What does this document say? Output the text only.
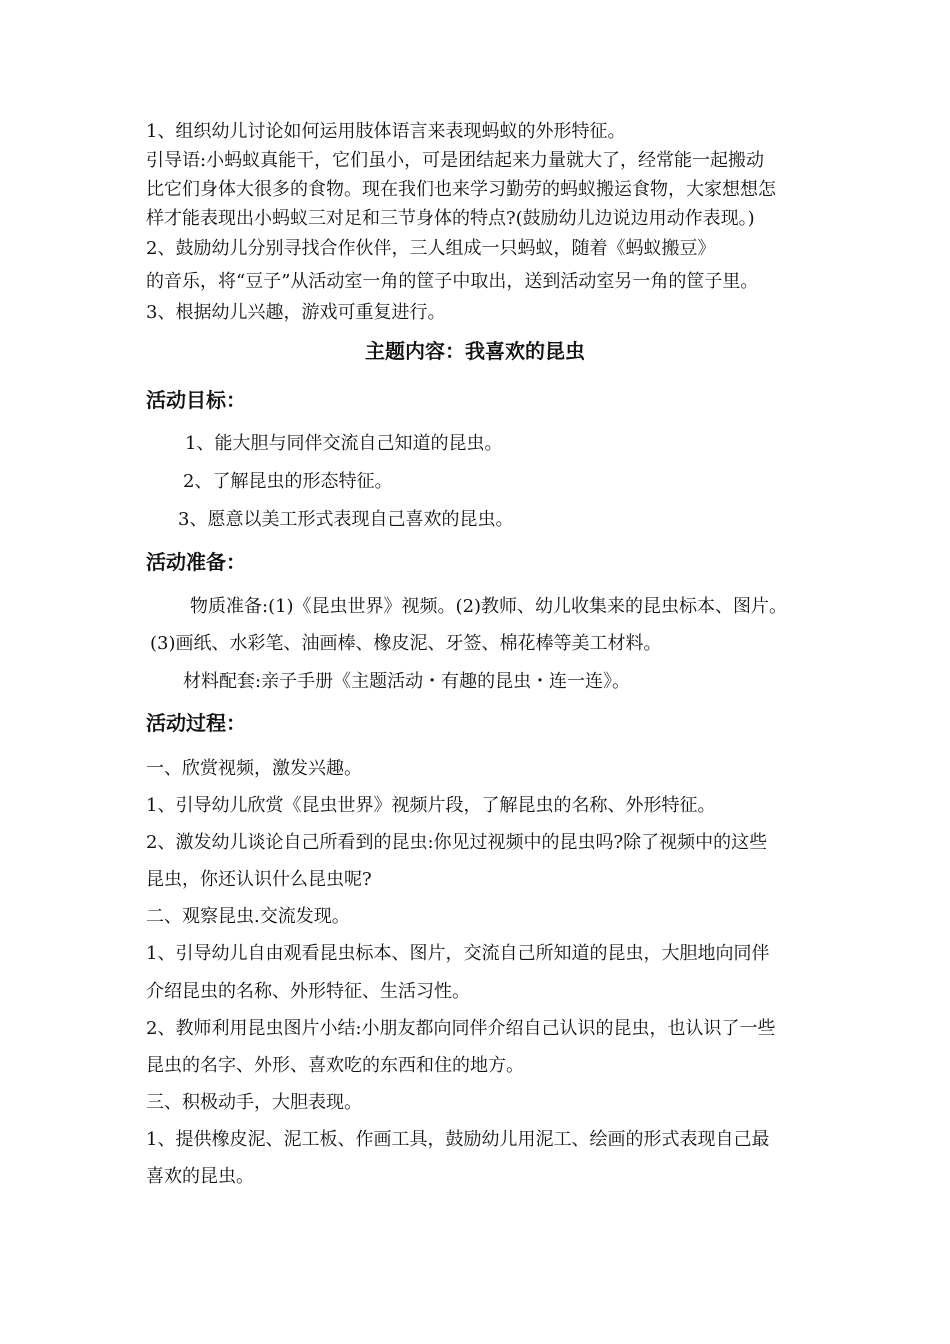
1、组织幼儿讨论如何运用肢体语言来表现蚂蚁的外形特征。

引导语:小蚂蚁真能干，它们虽小，可是团结起来力量就大了，经常能一起搬动

比它们身体大很多的食物。现在我们也来学习勤劳的蚂蚁搬运食物，大家想想怎

样才能表现出小蚂蚁三对足和三节身体的特点?(鼓励幼儿边说边用动作表现。)

2、鼓励幼儿分别寻找合作伙伴，三人组成一只蚂蚁，随着《蚂蚁搬豆》

的音乐，将“豆子”从活动室一角的筐子中取出，送到活动室另一角的筐子里。

3、根据幼儿兴趣，游戏可重复进行。

主题内容：我喜欢的昆虫
活动目标：

1、能大胆与同伴交流自己知道的昆虫。

2、了解昆虫的形态特征。

3、愿意以美工形式表现自己喜欢的昆虫。

活动准备：

物质准备:(1)《昆虫世界》视频。(2)教师、幼儿收集来的昆虫标本、图片。

(3)画纸、水彩笔、油画棒、橡皮泥、牙签、棉花棒等美工材料。

材料配套:亲子手册《主题活动・有趣的昆虫・连一连》。

活动过程：

一、欣赏视频，激发兴趣。

1、引导幼儿欣赏《昆虫世界》视频片段，了解昆虫的名称、外形特征。

2、激发幼儿谈论自己所看到的昆虫:你见过视频中的昆虫吗?除了视频中的这些

昆虫，你还认识什么昆虫呢?

二、观察昆虫.交流发现。

1、引导幼儿自由观看昆虫标本、图片，交流自己所知道的昆虫，大胆地向同伴

介绍昆虫的名称、外形特征、生活习性。

2、教师利用昆虫图片小结:小朋友都向同伴介绍自己认识的昆虫，也认识了一些

昆虫的名字、外形、喜欢吃的东西和住的地方。

三、积极动手，大胆表现。

1、提供橡皮泥、泥工板、作画工具，鼓励幼儿用泥工、绘画的形式表现自己最

喜欢的昆虫。
